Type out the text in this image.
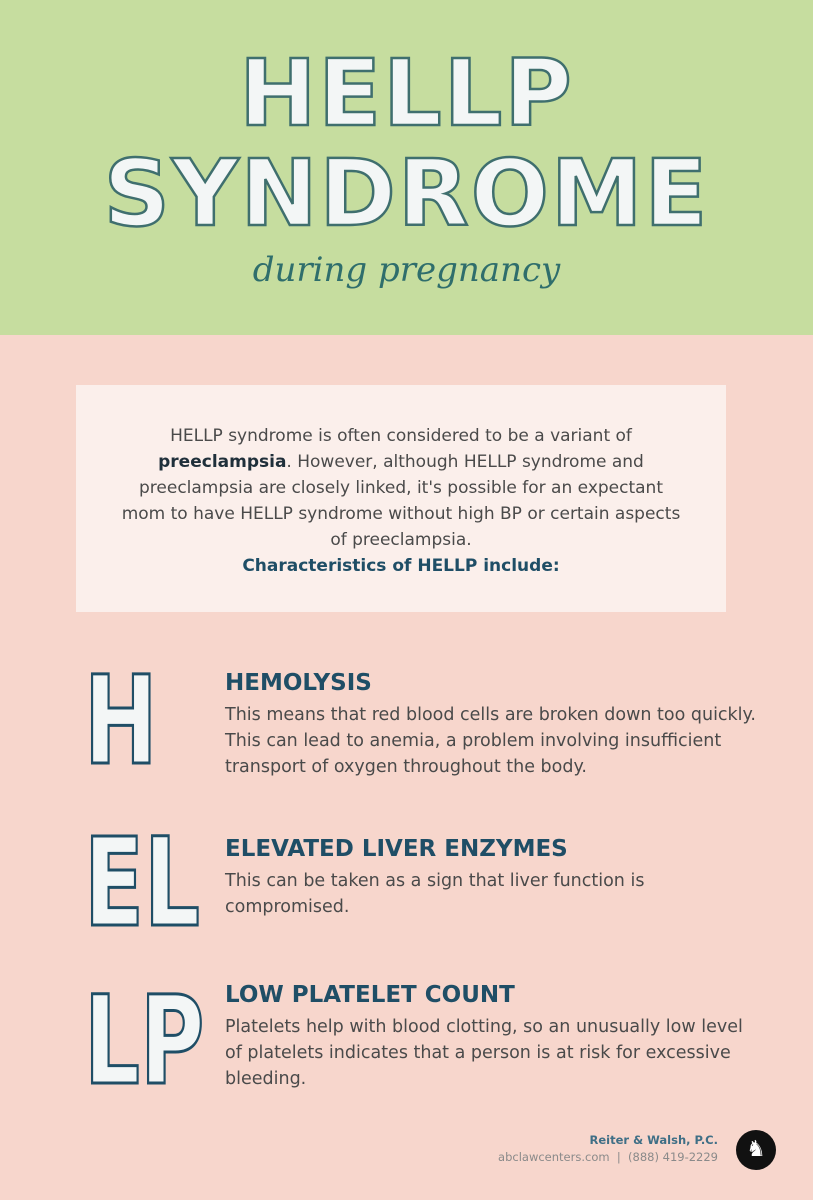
HELLP
SYNDROME
during pregnancy
HELLP syndrome is often considered to be a variant of preeclampsia. However, although HELLP syndrome and preeclampsia are closely linked, it's possible for an expectant mom to have HELLP syndrome without high BP or certain aspects of preeclampsia.
Characteristics of HELLP include:
H	HEMOLYSIS
This means that red blood cells are broken down too quickly. This can lead to anemia, a problem involving insufficient transport of oxygen throughout the body.
EL ELEVATED LIVER ENZYMES
This can be taken as a sign that liver function is compromised.
LP LOW PLATELET COUNT
Platelets help with blood clotting, so an unusually low level of platelets indicates that a person is at risk for excessive bleeding.
Reiter & Walsh, P.C.
abclawcenters.com  |  (888) 419-2229	♞
